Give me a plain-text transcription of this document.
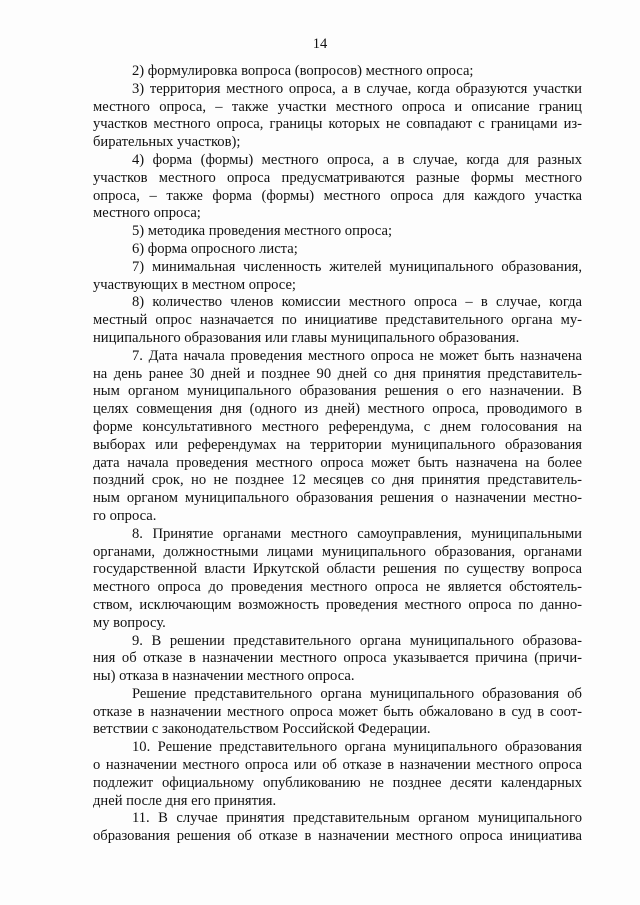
14
2) формулировка вопроса (вопросов) местного опроса;
3) территория местного опроса, а в случае, когда образуются участки
местного опроса, – также участки местного опроса и описание границ
участков местного опроса, границы которых не совпадают с границами из-
бирательных участков);
4) форма (формы) местного опроса, а в случае, когда для разных
участков местного опроса предусматриваются разные формы местного
опроса, – также форма (формы) местного опроса для каждого участка
местного опроса;
5) методика проведения местного опроса;
6) форма опросного листа;
7) минимальная численность жителей муниципального образования,
участвующих в местном опросе;
8) количество членов комиссии местного опроса – в случае, когда
местный опрос назначается по инициативе представительного органа му-
ниципального образования или главы муниципального образования.
7. Дата начала проведения местного опроса не может быть назначена
на день ранее 30 дней и позднее 90 дней со дня принятия представитель-
ным органом муниципального образования решения о его назначении. В
целях совмещения дня (одного из дней) местного опроса, проводимого в
форме консультативного местного референдума, с днем голосования на
выборах или референдумах на территории муниципального образования
дата начала проведения местного опроса может быть назначена на более
поздний срок, но не позднее 12 месяцев со дня принятия представитель-
ным органом муниципального образования решения о назначении местно-
го опроса.
8. Принятие органами местного самоуправления, муниципальными
органами, должностными лицами муниципального образования, органами
государственной власти Иркутской области решения по существу вопроса
местного опроса до проведения местного опроса не является обстоятель-
ством, исключающим возможность проведения местного опроса по данно-
му вопросу.
9. В решении представительного органа муниципального образова-
ния об отказе в назначении местного опроса указывается причина (причи-
ны) отказа в назначении местного опроса.
Решение представительного органа муниципального образования об
отказе в назначении местного опроса может быть обжаловано в суд в соот-
ветствии с законодательством Российской Федерации.
10. Решение представительного органа муниципального образования
о назначении местного опроса или об отказе в назначении местного опроса
подлежит официальному опубликованию не позднее десяти календарных
дней после дня его принятия.
11. В случае принятия представительным органом муниципального
образования решения об отказе в назначении местного опроса инициатива
